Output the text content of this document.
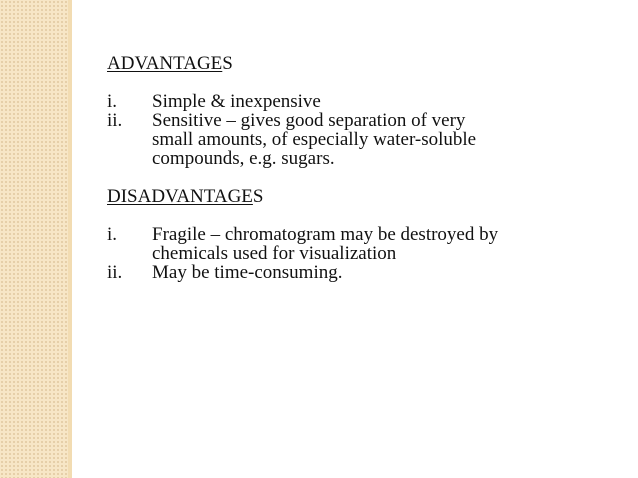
ADVANTAGES

i.	Simple & inexpensive
ii.	Sensitive – gives good separation of very
small amounts, of especially water-soluble
compounds, e.g. sugars.

DISADVANTAGES

i.	Fragile – chromatogram may be destroyed by
chemicals used for visualization
ii.	May be time-consuming.
